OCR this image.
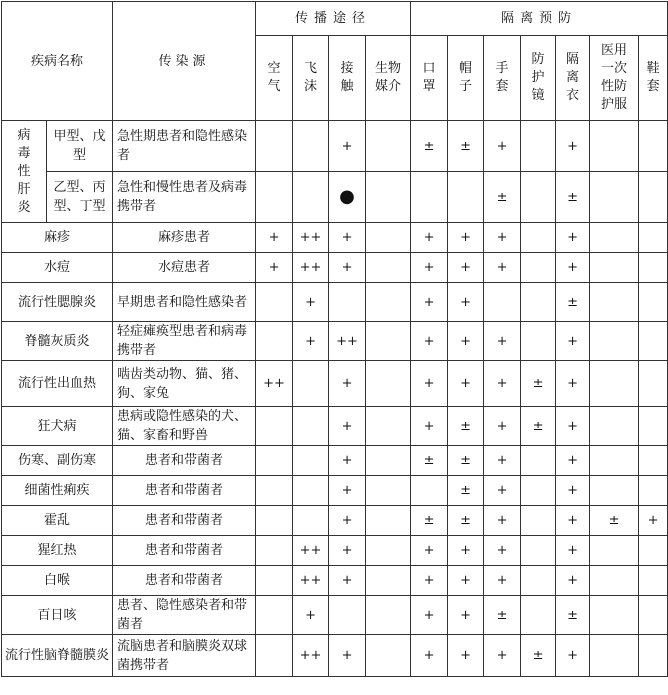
疾病名称		传染源	传播途径				隔离预防						
			空气	飞沫	接触	生物媒介	口罩	帽子	手套	防护镜	隔离衣	医用一次性防护服	鞋套
病毒性肝炎	甲型、戊型	急性期患者和隐性感染者			+		±	±	+		+		
	乙型、丙型、丁型	急性和慢性患者及病毒携带者			●				±		±		
麻疹		麻疹患者	+	++	+		+	+	+		+		
水痘		水痘患者	+	++	+		+	+	+		+		
流行性腮腺炎		早期患者和隐性感染者		+			+	+			±		
脊髓灰质炎		轻症瘫痪型患者和病毒携带者		+	++		+	+	+		+		
流行性出血热		啮齿类动物、猫、猪、狗、家兔	++		+		+	+	+	±	+		
狂犬病		患病或隐性感染的犬、猫、家畜和野兽			+		+	±	+	±	+		
伤寒、副伤寒		患者和带菌者			+		±	±	+		+		
细菌性痢疾		患者和带菌者			+			±	+		+		
霍乱		患者和带菌者			+		±	±	+		+	±	+
猩红热		患者和带菌者		++	+		+	+	+		+		
白喉		患者和带菌者		++	+		+	+	+		+		
百日咳		患者、隐性感染者和带菌者		+			+	+	±		±		
流行性脑脊髓膜炎		流脑患者和脑膜炎双球菌携带者		++	+		+	+	+	±	+		
